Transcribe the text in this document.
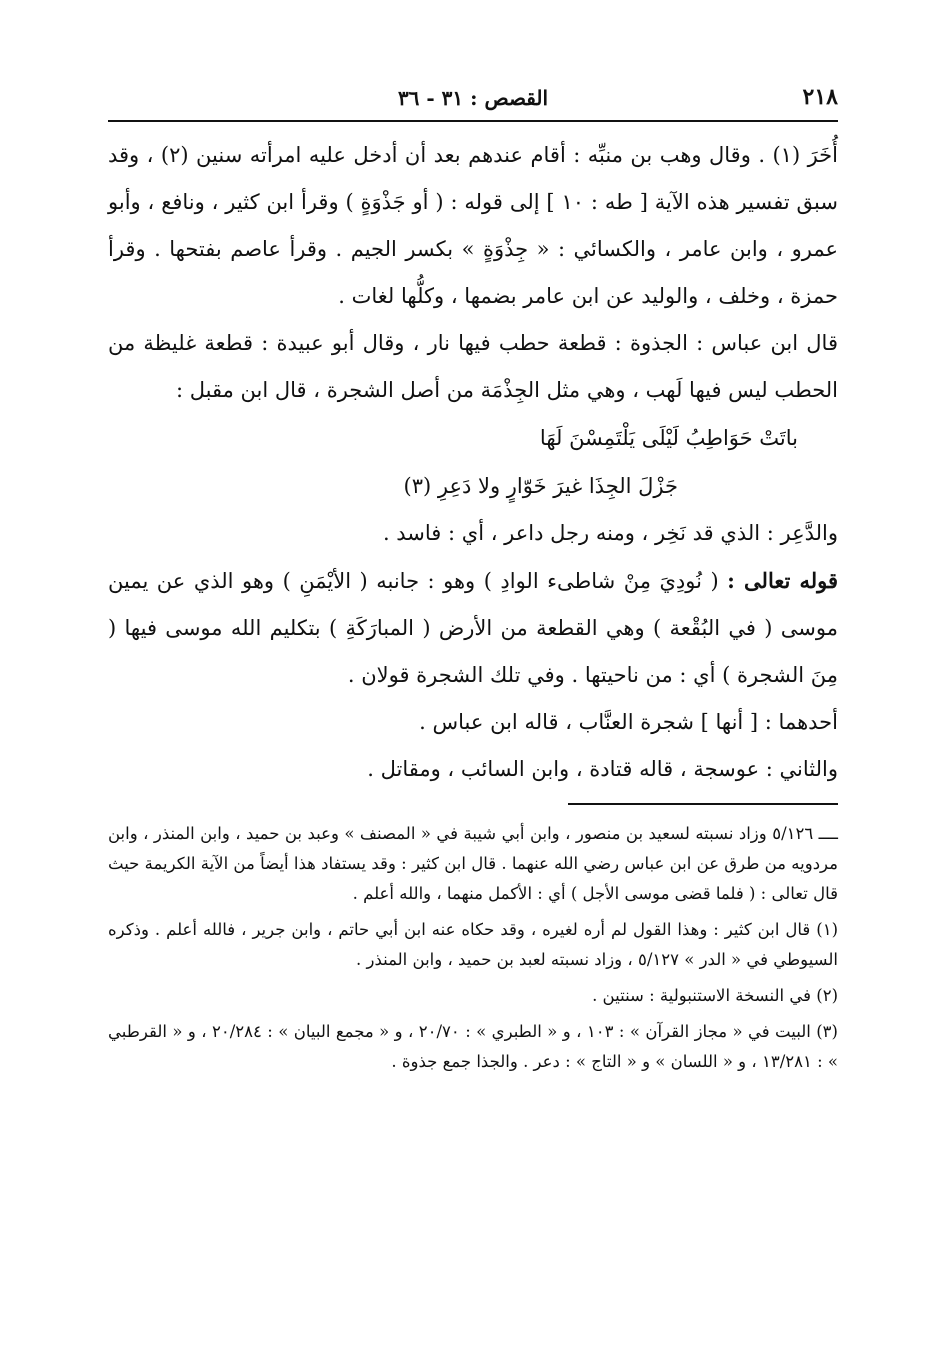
٢١٨
القصص : ٣١ - ٣٦

أُخَرَ (١) . وقال وهب بن منبِّه : أقام عندهم بعد أن أدخل عليه امرأته سنين (٢) ، وقد سبق تفسير هذه الآية [ طه : ١٠ ] إلى قوله : ( أو جَذْوَةٍ ) وقرأ ابن كثير ، ونافع ، وأبو عمرو ، وابن عامر ، والكسائي : « جِذْوَةٍ » بكسر الجيم . وقرأ عاصم بفتحها . وقرأ حمزة ، وخلف ، والوليد عن ابن عامر بضمها ، وكلُّها لغات .

قال ابن عباس : الجذوة : قطعة حطب فيها نار ، وقال أبو عبيدة : قطعة غليظة من الحطب ليس فيها لَهب ، وهي مثل الجِذْمَة من أصل الشجرة ، قال ابن مقبل :

باتَتْ حَوَاطِبُ لَيْلَى يَلْتَمِسْنَ لَهَا
جَزْلَ الجِذَا غيرَ خَوّارٍ ولا دَعِرِ (٣)

والدَّعِر : الذي قد نَخِر ، ومنه رجل داعر ، أي : فاسد .

قوله تعالى : ( نُودِيَ مِنْ شاطىء الوادِ ) وهو : جانبه ( الأيْمَنِ ) وهو الذي عن يمين موسى ( في البُقْعة ) وهي القطعة من الأرض ( المبارَكَةِ ) بتكليم الله موسى فيها ( مِنَ الشجرة ) أي : من ناحيتها . وفي تلك الشجرة قولان .

أحدهما : [ أنها ] شجرة العنَّاب ، قاله ابن عباس .

والثاني : عوسجة ، قاله قتادة ، وابن السائب ، ومقاتل .

ــــ ٥/١٢٦ وزاد نسبته لسعيد بن منصور ، وابن أبي شيبة في « المصنف » وعبد بن حميد ، وابن المنذر ، وابن مردويه من طرق عن ابن عباس رضي الله عنهما . قال ابن كثير : وقد يستفاد هذا أيضاً من الآية الكريمة حيث قال تعالى : ( فلما قضى موسى الأجل ) أي : الأكمل منهما ، والله أعلم .

(١) قال ابن كثير : وهذا القول لم أره لغيره ، وقد حكاه عنه ابن أبي حاتم ، وابن جرير ، فالله أعلم . وذكره السيوطي في « الدر » ٥/١٢٧ ، وزاد نسبته لعبد بن حميد ، وابن المنذر .

(٢) في النسخة الاستنبولية : سنتين .

(٣) البيت في « مجاز القرآن » : ١٠٣ ، و « الطبري » : ٢٠/٧٠ ، و « مجمع البيان » : ٢٠/٢٨٤ ، و « القرطبي » : ١٣/٢٨١ ، و « اللسان » و « التاج » : دعر . والجذا جمع جذوة .
